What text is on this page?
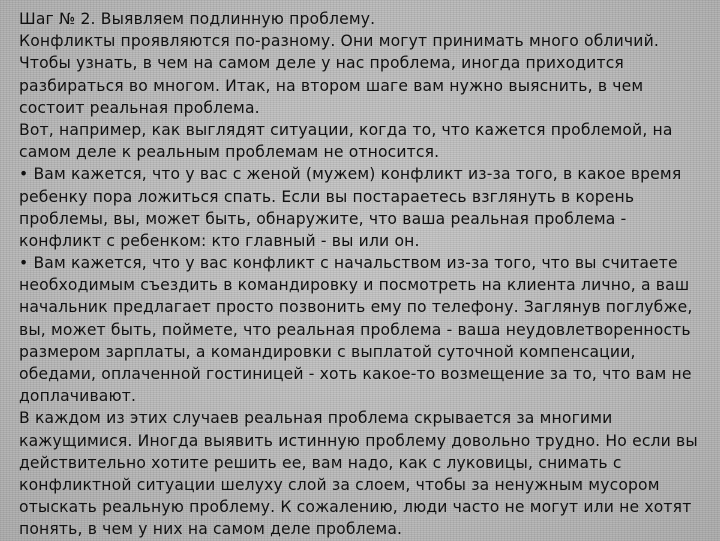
Шаг № 2. Выявляем подлинную проблему.
Конфликты проявляются по-разному. Они могут принимать много обличий.
Чтобы узнать, в чем на самом деле у нас проблема, иногда приходится
разбираться во многом. Итак, на втором шаге вам нужно выяснить, в чем
состоит реальная проблема.
Вот, например, как выглядят ситуации, когда то, что кажется проблемой, на
самом деле к реальным проблемам не относится.
• Вам кажется, что у вас с женой (мужем) конфликт из-за того, в какое время
ребенку пора ложиться спать. Если вы постараетесь взглянуть в корень
проблемы, вы, может быть, обнаружите, что ваша реальная проблема -
конфликт с ребенком: кто главный - вы или он.
• Вам кажется, что у вас конфликт с начальством из-за того, что вы считаете
необходимым съездить в командировку и посмотреть на клиента лично, а ваш
начальник предлагает просто позвонить ему по телефону. Заглянув поглубже,
вы, может быть, поймете, что реальная проблема - ваша неудовлетворенность
размером зарплаты, а командировки с выплатой суточной компенсации,
обедами, оплаченной гостиницей - хоть какое-то возмещение за то, что вам не
доплачивают.
В каждом из этих случаев реальная проблема скрывается за многими
кажущимися. Иногда выявить истинную проблему довольно трудно. Но если вы
действительно хотите решить ее, вам надо, как с луковицы, снимать с
конфликтной ситуации шелуху слой за слоем, чтобы за ненужным мусором
отыскать реальную проблему. К сожалению, люди часто не могут или не хотят
понять, в чем у них на самом деле проблема.
